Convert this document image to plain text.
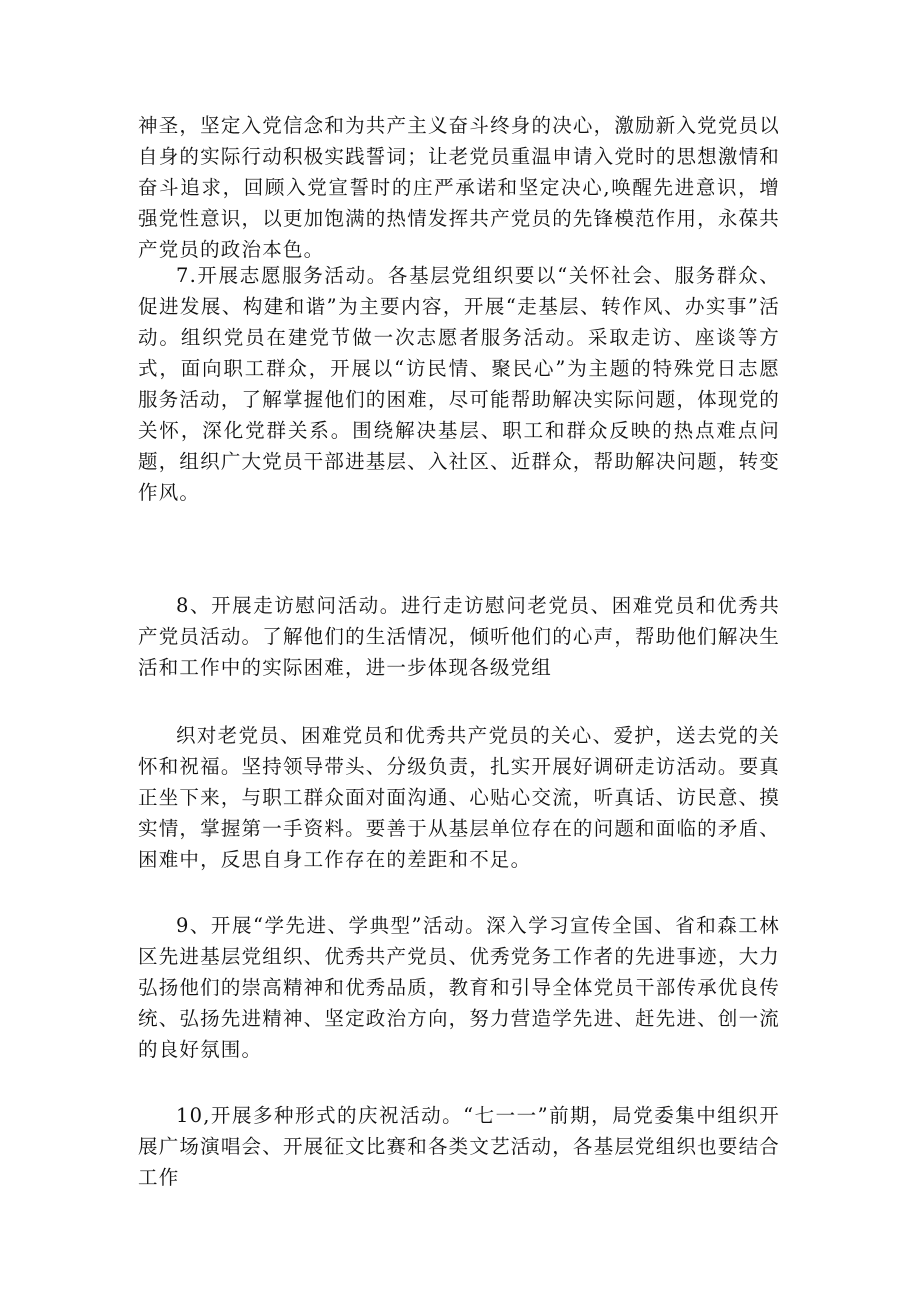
神圣，坚定入党信念和为共产主义奋斗终身的决心，激励新入党党员以自身的实际行动积极实践誓词；让老党员重温申请入党时的思想激情和奋斗追求，回顾入党宣誓时的庄严承诺和坚定决心,唤醒先进意识，增强党性意识，以更加饱满的热情发挥共产党员的先锋模范作用，永葆共产党员的政治本色。

7.开展志愿服务活动。各基层党组织要以“关怀社会、服务群众、促进发展、构建和谐”为主要内容，开展“走基层、转作风、办实事”活动。组织党员在建党节做一次志愿者服务活动。采取走访、座谈等方式，面向职工群众，开展以“访民情、聚民心”为主题的特殊党日志愿服务活动，了解掌握他们的困难，尽可能帮助解决实际问题，体现党的关怀，深化党群关系。围绕解决基层、职工和群众反映的热点难点问题，组织广大党员干部进基层、入社区、近群众，帮助解决问题，转变作风。

8、开展走访慰问活动。进行走访慰问老党员、困难党员和优秀共产党员活动。了解他们的生活情况，倾听他们的心声，帮助他们解决生活和工作中的实际困难，进一步体现各级党组

织对老党员、困难党员和优秀共产党员的关心、爱护，送去党的关怀和祝福。坚持领导带头、分级负责，扎实开展好调研走访活动。要真正坐下来，与职工群众面对面沟通、心贴心交流，听真话、访民意、摸实情，掌握第一手资料。要善于从基层单位存在的问题和面临的矛盾、困难中，反思自身工作存在的差距和不足。

9、开展“学先进、学典型”活动。深入学习宣传全国、省和森工林区先进基层党组织、优秀共产党员、优秀党务工作者的先进事迹，大力弘扬他们的崇高精神和优秀品质，教育和引导全体党员干部传承优良传统、弘扬先进精神、坚定政治方向，努力营造学先进、赶先进、创一流的良好氛围。

10,开展多种形式的庆祝活动。“七一一”前期，局党委集中组织开展广场演唱会、开展征文比赛和各类文艺活动，各基层党组织也要结合工作
